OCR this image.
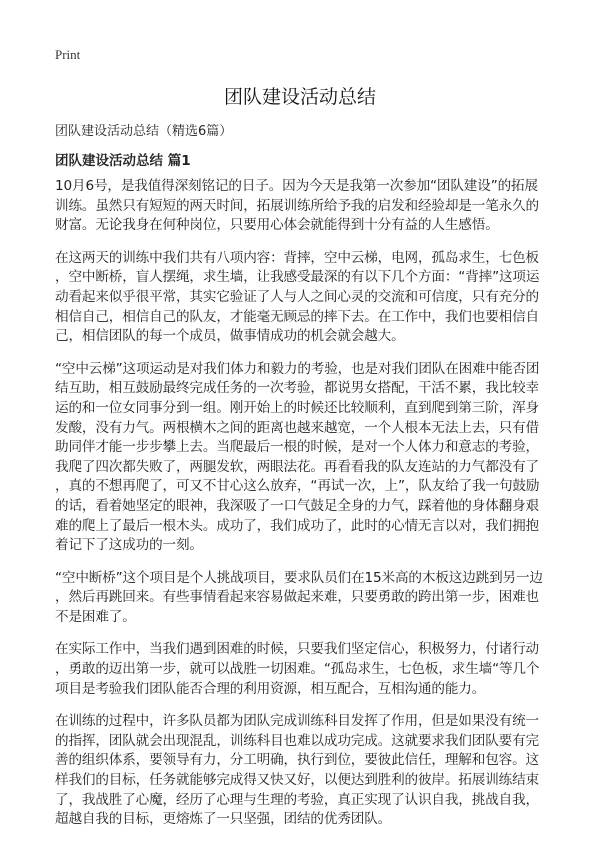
Print
团队建设活动总结
团队建设活动总结（精选6篇）
团队建设活动总结 篇1
10月6号，是我值得深刻铭记的日子。因为今天是我第一次参加“团队建设”的拓展
训练。虽然只有短短的两天时间，拓展训练所给予我的启发和经验却是一笔永久的
财富。无论我身在何种岗位，只要用心体会就能得到十分有益的人生感悟。
在这两天的训练中我们共有八项内容：背摔，空中云梯，电网，孤岛求生，七色板
，空中断桥，盲人摆绳，求生墙，让我感受最深的有以下几个方面：“背摔”这项运
动看起来似乎很平常，其实它验证了人与人之间心灵的交流和可信度，只有充分的
相信自己，相信自己的队友，才能毫无顾忌的摔下去。在工作中，我们也要相信自
己，相信团队的每一个成员，做事情成功的机会就会越大。
“空中云梯”这项运动是对我们体力和毅力的考验，也是对我们团队在困难中能否团
结互助，相互鼓励最终完成任务的一次考验，都说男女搭配，干活不累，我比较幸
运的和一位女同事分到一组。刚开始上的时候还比较顺利，直到爬到第三阶，浑身
发酸，没有力气。两根横木之间的距离也越来越宽，一个人根本无法上去，只有借
助同伴才能一步步攀上去。当爬最后一根的时候，是对一个人体力和意志的考验，
我爬了四次都失败了，两腿发软，两眼法花。再看看我的队友连站的力气都没有了
，真的不想再爬了，可又不甘心这么放弃，“再试一次，上”，队友给了我一句鼓励
的话，看着她坚定的眼神，我深吸了一口气鼓足全身的力气，踩着他的身体翻身艰
难的爬上了最后一根木头。成功了，我们成功了，此时的心情无言以对，我们拥抱
着记下了这成功的一刻。
“空中断桥”这个项目是个人挑战项目，要求队员们在15米高的木板这边跳到另一边
，然后再跳回来。有些事情看起来容易做起来难，只要勇敢的跨出第一步，困难也
不是困难了。
在实际工作中，当我们遇到困难的时候，只要我们坚定信心，积极努力，付诸行动
，勇敢的迈出第一步，就可以战胜一切困难。“孤岛求生，七色板，求生墙“等几个
项目是考验我们团队能否合理的利用资源，相互配合，互相沟通的能力。
在训练的过程中，许多队员都为团队完成训练科目发挥了作用，但是如果没有统一
的指挥，团队就会出现混乱，训练科目也难以成功完成。这就要求我们团队要有完
善的组织体系，要领导有力，分工明确，执行到位，要彼此信任，理解和包容。这
样我们的目标，任务就能够完成得又快又好，以便达到胜利的彼岸。拓展训练结束
了，我战胜了心魔，经历了心理与生理的考验，真正实现了认识自我，挑战自我，
超越自我的目标，更熔炼了一只坚强，团结的优秀团队。
